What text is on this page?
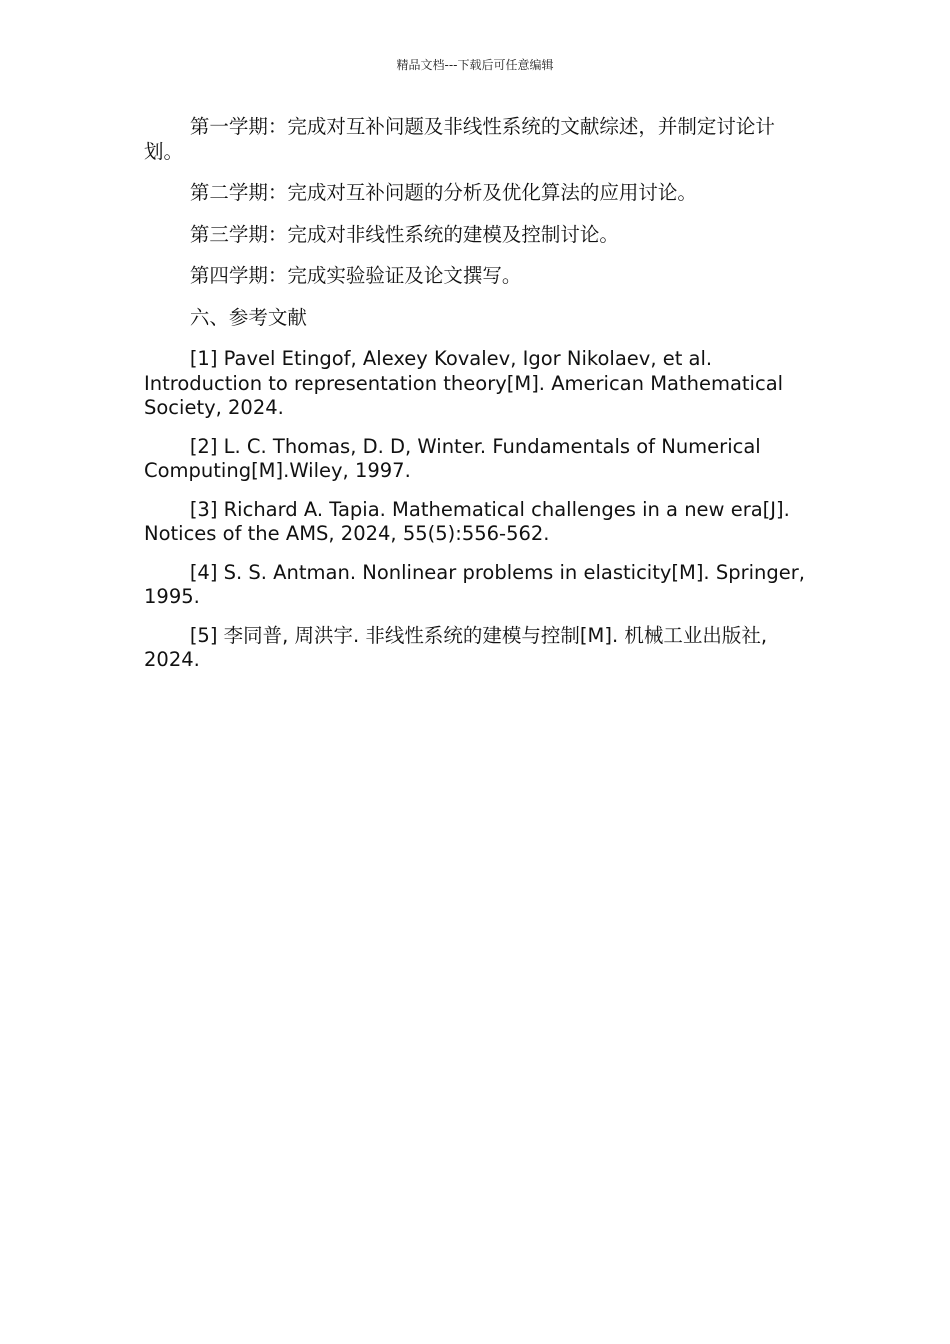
精品文档---下载后可任意编辑

第一学期：完成对互补问题及非线性系统的文献综述，并制定讨论计划。

第二学期：完成对互补问题的分析及优化算法的应用讨论。

第三学期：完成对非线性系统的建模及控制讨论。

第四学期：完成实验验证及论文撰写。

六、参考文献

[1] Pavel Etingof, Alexey Kovalev, Igor Nikolaev, et al. Introduction to representation theory[M]. American Mathematical Society, 2024.

[2] L. C. Thomas, D. D, Winter. Fundamentals of Numerical Computing[M].Wiley, 1997.

[3] Richard A. Tapia. Mathematical challenges in a new era[J]. Notices of the AMS, 2024, 55(5):556-562.

[4] S. S. Antman. Nonlinear problems in elasticity[M]. Springer, 1995.

[5] 李同普, 周洪宇. 非线性系统的建模与控制[M]. 机械工业出版社, 2024.
